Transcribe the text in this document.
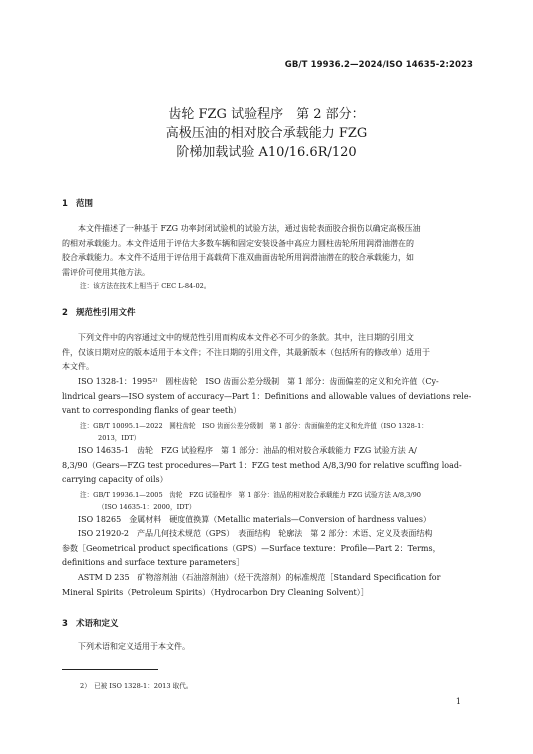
GB/T 19936.2—2024/ISO 14635-2:2023
齿轮 FZG 试验程序　第 2 部分：
高极压油的相对胶合承载能力 FZG
阶梯加载试验 A10/16.6R/120
1 范围
本文件描述了一种基于 FZG 功率封闭试验机的试验方法，通过齿轮表面胶合损伤以确定高极压油
的相对承载能力。本文件适用于评估大多数车辆和固定安装设备中高应力圆柱齿轮所用润滑油潜在的
胶合承载能力。本文件不适用于评估用于高载荷下准双曲面齿轮所用润滑油潜在的胶合承载能力，如
需评价可使用其他方法。
注：该方法在技术上相当于 CEC L-84-02。
2 规范性引用文件
下列文件中的内容通过文中的规范性引用而构成本文件必不可少的条款。其中，注日期的引用文
件，仅该日期对应的版本适用于本文件；不注日期的引用文件，其最新版本（包括所有的修改单）适用于
本文件。
ISO 1328-1：1995²⁾　圆柱齿轮　ISO 齿面公差分级制　第 1 部分：齿面偏差的定义和允许值（Cy-
lindrical gears—ISO system of accuracy—Part 1：Definitions and allowable values of deviations rele-
vant to corresponding flanks of gear teeth）
注：GB/T 10095.1—2022　圆柱齿轮　ISO 齿面公差分级制　第 1 部分：齿面偏差的定义和允许值（ISO 1328-1：
2013，IDT）
ISO 14635-1　齿轮　FZG 试验程序　第 1 部分：油品的相对胶合承载能力 FZG 试验方法 A/
8,3/90（Gears—FZG test procedures—Part 1：FZG test method A/8,3/90 for relative scuffing load-
carrying capacity of oils）
注：GB/T 19936.1—2005　齿轮　FZG 试验程序　第 1 部分：油品的相对胶合承载能力 FZG 试验方法 A/8,3/90
（ISO 14635-1：2000，IDT）
ISO 18265　金属材料　硬度值换算（Metallic materials—Conversion of hardness values）
ISO 21920-2　产品几何技术规范（GPS）　表面结构　轮廓法　第 2 部分：术语、定义及表面结构
参数［Geometrical product specifications（GPS）—Surface texture：Profile—Part 2：Terms，
definitions and surface texture parameters］
ASTM D 235　矿物溶剂油（石油溶剂油）（烃干洗溶剂）的标准规范［Standard Specification for
Mineral Spirits（Petroleum Spirits）（Hydrocarbon Dry Cleaning Solvent）］
3 术语和定义
下列术语和定义适用于本文件。
2）　已被 ISO 1328-1：2013 取代。
1
